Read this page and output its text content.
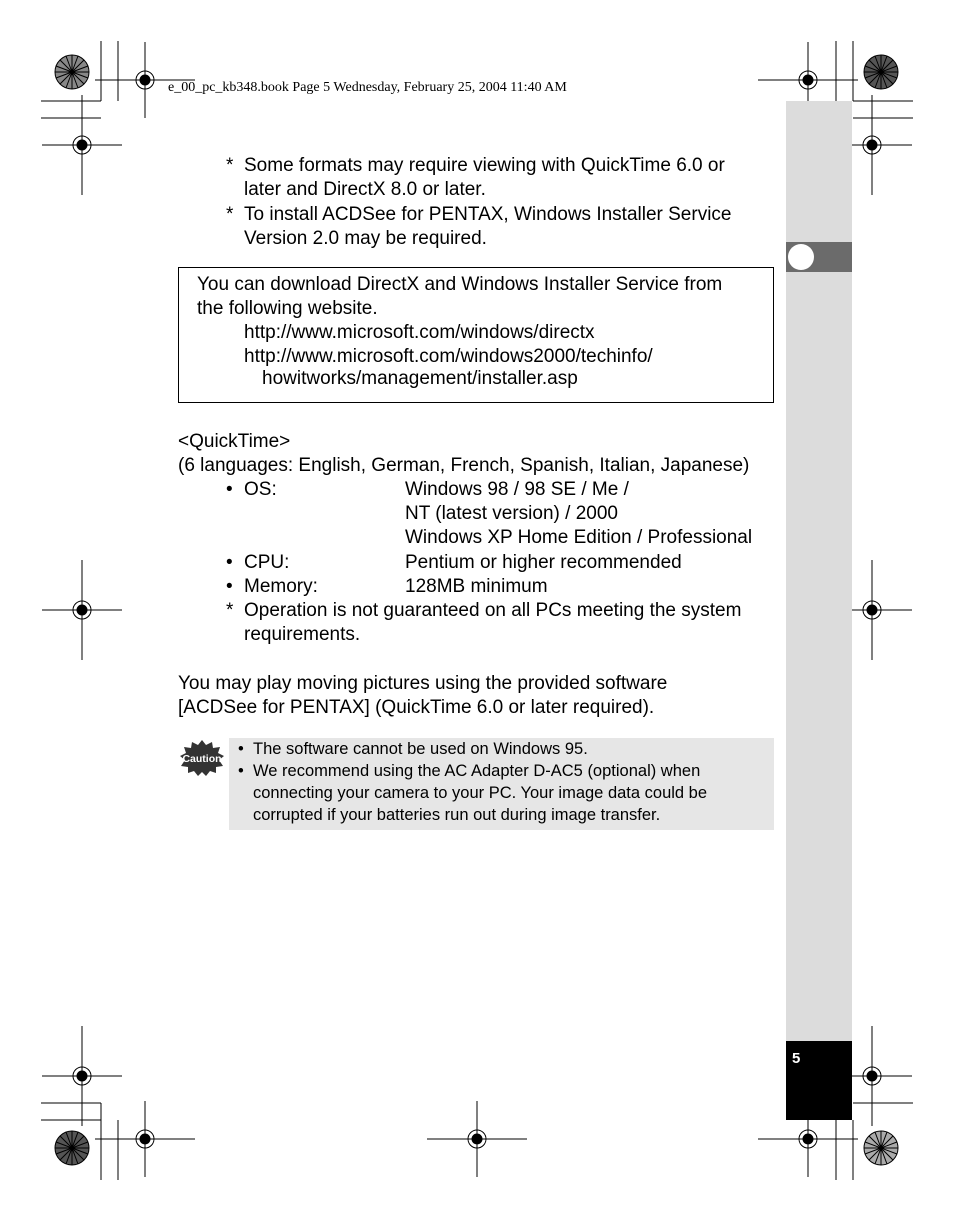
e_00_pc_kb348.book Page 5 Wednesday, February 25, 2004 11:40 AM
5
* Some formats may require viewing with QuickTime 6.0 or
later and DirectX 8.0 or later.
* To install ACDSee for PENTAX, Windows Installer Service
Version 2.0 may be required.
You can download DirectX and Windows Installer Service from
the following website.
http://www.microsoft.com/windows/directx
http://www.microsoft.com/windows2000/techinfo/
howitworks/management/installer.asp
<QuickTime>
(6 languages: English, German, French, Spanish, Italian, Japanese)
• OS:	Windows 98 / 98 SE / Me /
NT (latest version) / 2000
Windows XP Home Edition / Professional
• CPU:	Pentium or higher recommended
• Memory:	128MB minimum
* Operation is not guaranteed on all PCs meeting the system
requirements.
You may play moving pictures using the provided software
[ACDSee for PENTAX] (QuickTime 6.0 or later required).
Caution
• The software cannot be used on Windows 95.
• We recommend using the AC Adapter D-AC5 (optional) when
connecting your camera to your PC. Your image data could be
corrupted if your batteries run out during image transfer.
